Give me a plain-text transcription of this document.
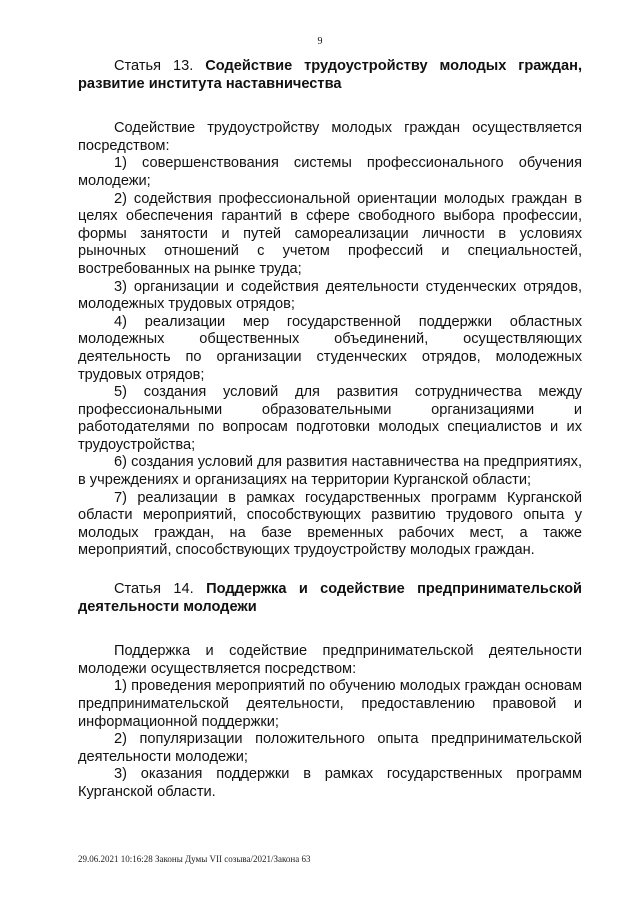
9
Статья 13. Содействие трудоустройству молодых граждан, развитие института наставничества

Содействие трудоустройству молодых граждан осуществляется посредством:

1) совершенствования системы профессионального обучения молодежи;

2) содействия профессиональной ориентации молодых граждан в целях обеспечения гарантий в сфере свободного выбора профессии, формы занятости и путей самореализации личности в условиях рыночных отношений с учетом профессий и специальностей, востребованных на рынке труда;

3) организации и содействия деятельности студенческих отрядов, молодежных трудовых отрядов;

4) реализации мер государственной поддержки областных молодежных общественных объединений, осуществляющих деятельность по организации студенческих отрядов, молодежных трудовых отрядов;

5) создания условий для развития сотрудничества между профессиональными образовательными организациями и работодателями по вопросам подготовки молодых специалистов и их трудоустройства;

6) создания условий для развития наставничества на предприятиях, в учреждениях и организациях на территории Курганской области;

7) реализации в рамках государственных программ Курганской области мероприятий, способствующих развитию трудового опыта у молодых граждан, на базе временных рабочих мест, а также мероприятий, способствующих трудоустройству молодых граждан.

Статья 14. Поддержка и содействие предпринимательской деятельности молодежи

Поддержка и содействие предпринимательской деятельности молодежи осуществляется посредством:

1) проведения мероприятий по обучению молодых граждан основам предпринимательской деятельности, предоставлению правовой и информационной поддержки;

2) популяризации положительного опыта предпринимательской деятельности молодежи;

3) оказания поддержки в рамках государственных программ Курганской области.

29.06.2021 10:16:28 Законы Думы VII созыва/2021/Закона 63
